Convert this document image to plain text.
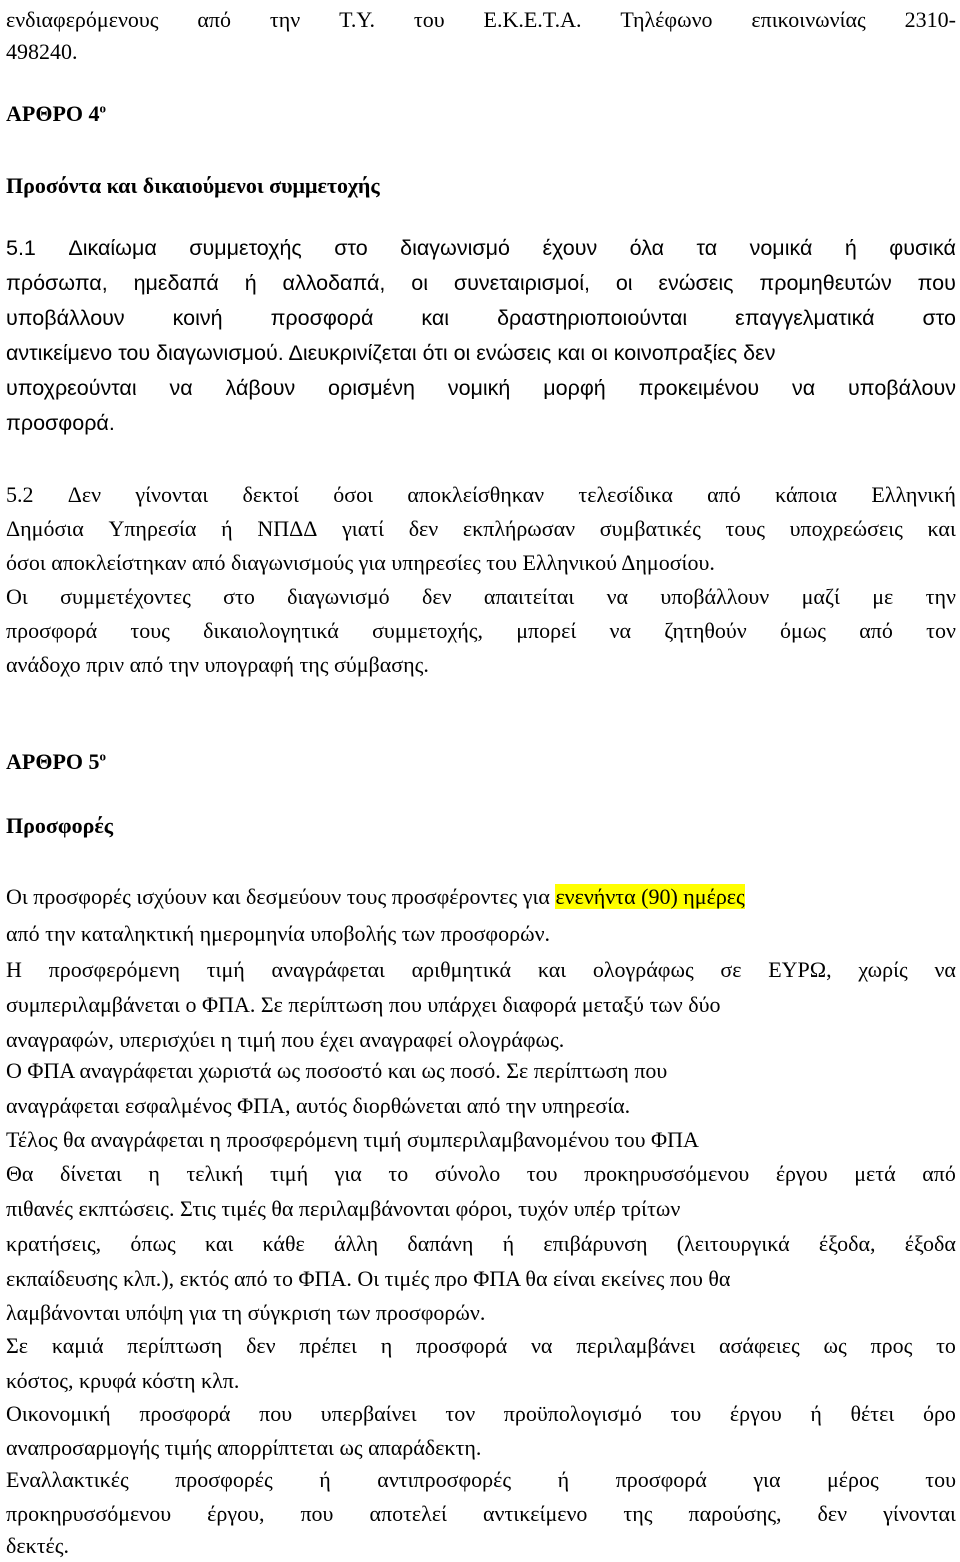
ενδιαφερόμενους από την Τ.Υ. του Ε.Κ.Ε.Τ.Α. Τηλέφωνο επικοινωνίας 2310-
498240.
ΑΡΘΡΟ $4^o$
Προσόντα και δικαιούμενοι συμμετοχής
5.1 Δικαίωμα συμμετοχής στο διαγωνισμό έχουν όλα τα νομικά ή φυσικά
πρόσωπα, ημεδαπά ή αλλοδαπά, οι συνεταιρισμοί, οι ενώσεις προμηθευτών που
υποβάλλουν κοινή προσφορά και δραστηριοποιούνται επαγγελματικά στο
αντικείμενο του διαγωνισμού. Διευκρινίζεται ότι οι ενώσεις και οι κοινοπραξίες δεν
υποχρεούνται να λάβουν ορισμένη νομική μορφή προκειμένου να υποβάλουν
προσφορά.
5.2 Δεν γίνονται δεκτοί όσοι αποκλείσθηκαν τελεσίδικα από κάποια Ελληνική
Δημόσια Υπηρεσία ή ΝΠΔΔ γιατί δεν εκπλήρωσαν συμβατικές τους υποχρεώσεις και
όσοι αποκλείστηκαν από διαγωνισμούς για υπηρεσίες του Ελληνικού Δημοσίου.
Οι συμμετέχοντες στο διαγωνισμό δεν απαιτείται να υποβάλλουν μαζί με την
προσφορά τους δικαιολογητικά συμμετοχής, μπορεί να ζητηθούν όμως από τον
ανάδοχο πριν από την υπογραφή της σύμβασης.
ΑΡΘΡΟ $5^o$
Προσφορές
Οι προσφορές ισχύουν και δεσμεύουν τους προσφέροντες για ενενήντα (90) ημέρες
από την καταληκτική ημερομηνία υποβολής των προσφορών.
Η προσφερόμενη τιμή αναγράφεται αριθμητικά και ολογράφως σε ΕΥΡΩ, χωρίς να
συμπεριλαμβάνεται ο ΦΠΑ. Σε περίπτωση που υπάρχει διαφορά μεταξύ των δύο
αναγραφών, υπερισχύει η τιμή που έχει αναγραφεί ολογράφως.
Ο ΦΠΑ αναγράφεται χωριστά ως ποσοστό και ως ποσό. Σε περίπτωση που
αναγράφεται εσφαλμένος ΦΠΑ, αυτός διορθώνεται από την υπηρεσία.
Τέλος θα αναγράφεται η προσφερόμενη τιμή συμπεριλαμβανομένου του ΦΠΑ
Θα δίνεται η τελική τιμή για το σύνολο του προκηρυσσόμενου έργου μετά από
πιθανές εκπτώσεις. Στις τιμές θα περιλαμβάνονται φόροι, τυχόν υπέρ τρίτων
κρατήσεις, όπως και κάθε άλλη δαπάνη ή επιβάρυνση (λειτουργικά έξοδα, έξοδα
εκπαίδευσης κλπ.), εκτός από το ΦΠΑ. Οι τιμές προ ΦΠΑ θα είναι εκείνες που θα
λαμβάνονται υπόψη για τη σύγκριση των προσφορών.
Σε καμιά περίπτωση δεν πρέπει η προσφορά να περιλαμβάνει ασάφειες ως προς το
κόστος, κρυφά κόστη κλπ.
Οικονομική προσφορά που υπερβαίνει τον προϋπολογισμό του έργου ή θέτει όρο
αναπροσαρμογής τιμής απορρίπτεται ως απαράδεκτη.
Εναλλακτικές προσφορές ή αντιπροσφορές ή προσφορά για μέρος του
προκηρυσσόμενου έργου, που αποτελεί αντικείμενο της παρούσης, δεν γίνονται
δεκτές.
